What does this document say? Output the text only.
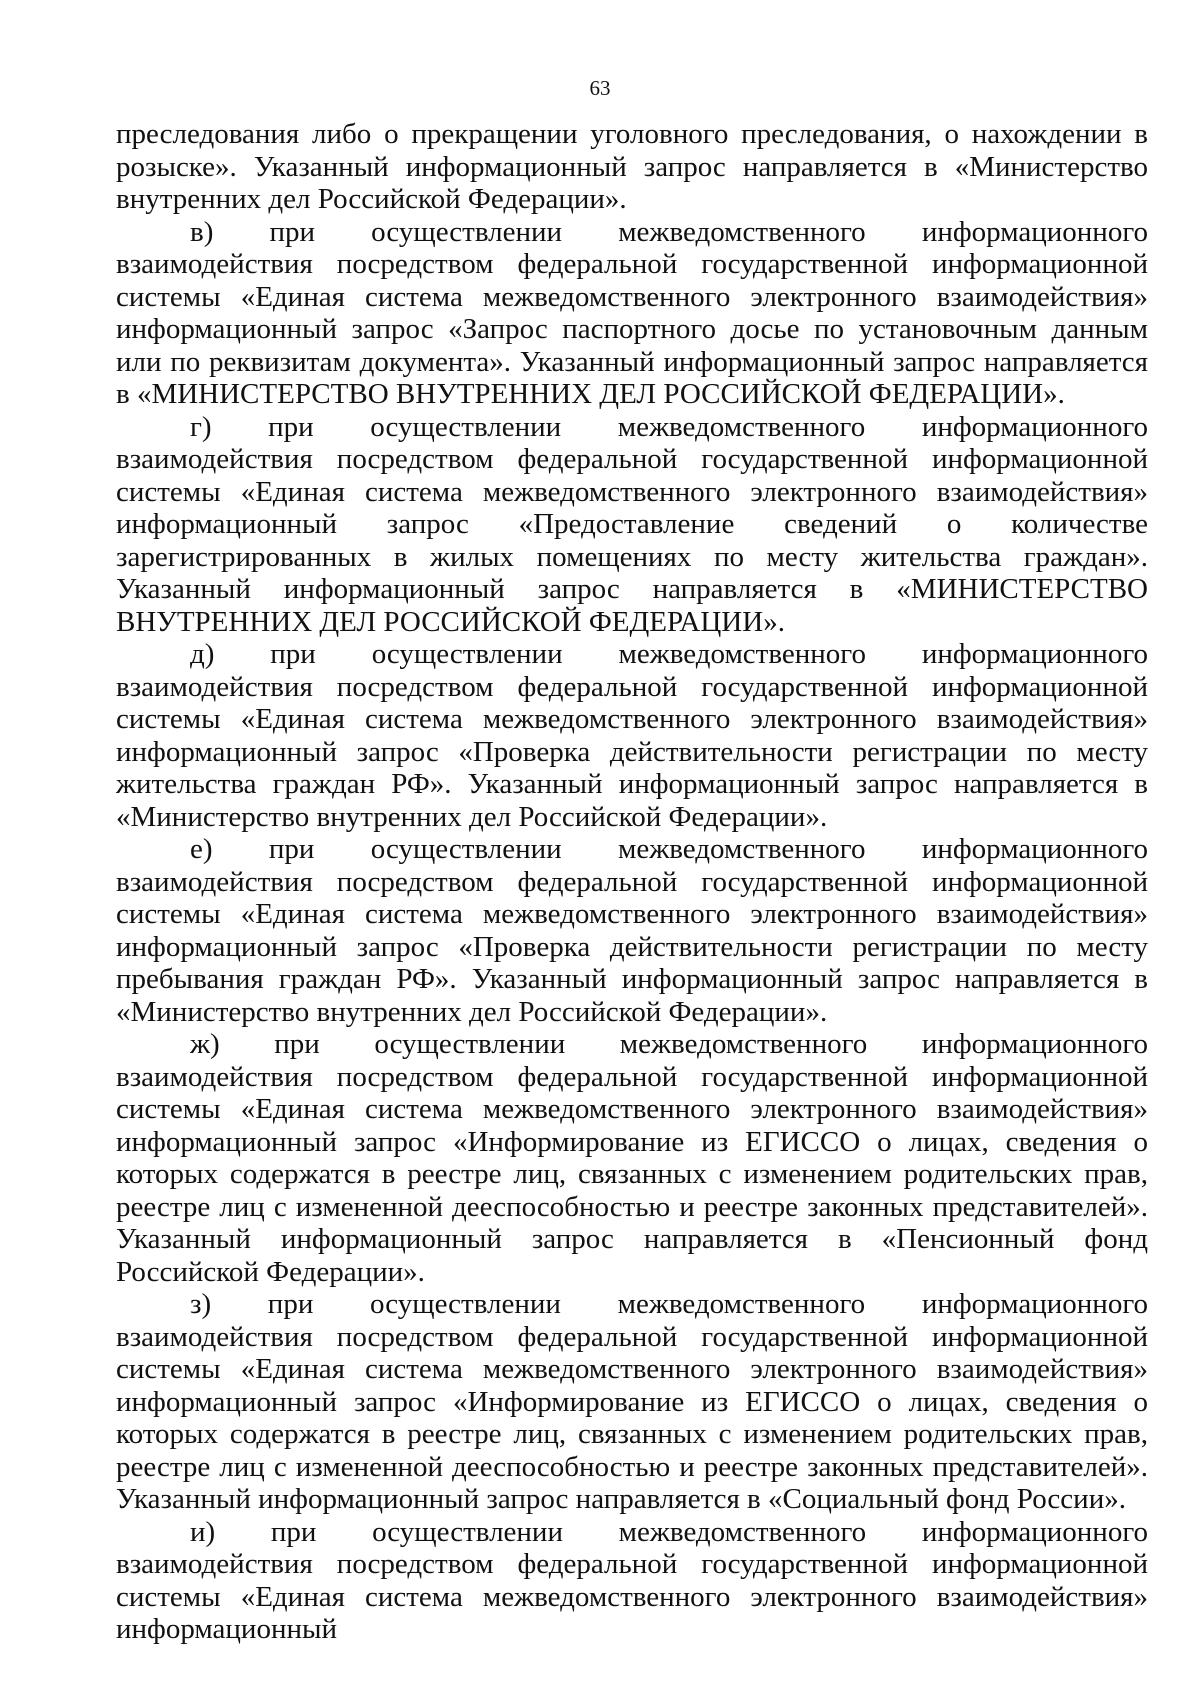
63

преследования либо о прекращении уголовного преследования, о нахождении в розыске». Указанный информационный запрос направляется в «Министерство внутренних дел Российской Федерации».

в) при осуществлении межведомственного информационного взаимодействия посредством федеральной государственной информационной системы «Единая система межведомственного электронного взаимодействия» информационный запрос «Запрос паспортного досье по установочным данным или по реквизитам документа». Указанный информационный запрос направляется в «МИНИСТЕРСТВО ВНУТРЕННИХ ДЕЛ РОССИЙСКОЙ ФЕДЕРАЦИИ».

г) при осуществлении межведомственного информационного взаимодействия посредством федеральной государственной информационной системы «Единая система межведомственного электронного взаимодействия» информационный запрос «Предоставление сведений о количестве зарегистрированных в жилых помещениях по месту жительства граждан». Указанный информационный запрос направляется в «МИНИСТЕРСТВО ВНУТРЕННИХ ДЕЛ РОССИЙСКОЙ ФЕДЕРАЦИИ».

д) при осуществлении межведомственного информационного взаимодействия посредством федеральной государственной информационной системы «Единая система межведомственного электронного взаимодействия» информационный запрос «Проверка действительности регистрации по месту жительства граждан РФ». Указанный информационный запрос направляется в «Министерство внутренних дел Российской Федерации».

е) при осуществлении межведомственного информационного взаимодействия посредством федеральной государственной информационной системы «Единая система межведомственного электронного взаимодействия» информационный запрос «Проверка действительности регистрации по месту пребывания граждан РФ». Указанный информационный запрос направляется в «Министерство внутренних дел Российской Федерации».

ж) при осуществлении межведомственного информационного взаимодействия посредством федеральной государственной информационной системы «Единая система межведомственного электронного взаимодействия» информационный запрос «Информирование из ЕГИССО о лицах, сведения о которых содержатся в реестре лиц, связанных с изменением родительских прав, реестре лиц с измененной дееспособностью и реестре законных представителей». Указанный информационный запрос направляется в «Пенсионный фонд Российской Федерации».

з) при осуществлении межведомственного информационного взаимодействия посредством федеральной государственной информационной системы «Единая система межведомственного электронного взаимодействия» информационный запрос «Информирование из ЕГИССО о лицах, сведения о которых содержатся в реестре лиц, связанных с изменением родительских прав, реестре лиц с измененной дееспособностью и реестре законных представителей». Указанный информационный запрос направляется в «Социальный фонд России».

и) при осуществлении межведомственного информационного взаимодействия посредством федеральной государственной информационной системы «Единая система межведомственного электронного взаимодействия» информационный
